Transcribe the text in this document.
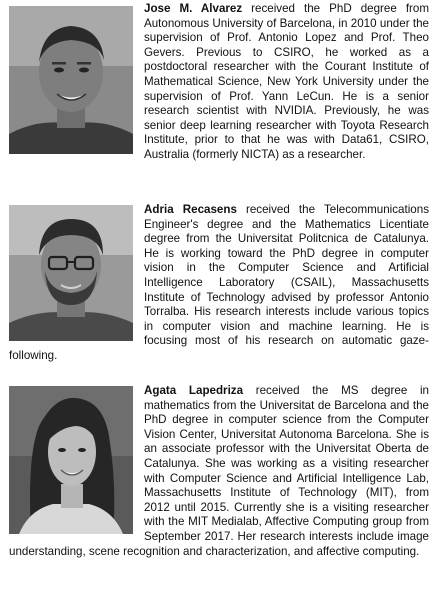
Jose M. Alvarez received the PhD degree from Autonomous University of Barcelona, in 2010 under the supervision of Prof. Antonio Lopez and Prof. Theo Gevers. Previous to CSIRO, he worked as a postdoctoral researcher with the Courant Institute of Mathematical Science, New York University under the supervision of Prof. Yann LeCun. He is a senior research scientist with NVIDIA. Previously, he was senior deep learning researcher with Toyota Research Institute, prior to that he was with Data61, CSIRO, Australia (formerly NICTA) as a researcher.

Adria Recasens received the Telecommunications Engineer's degree and the Mathematics Licentiate degree from the Universitat Politcnica de Catalunya. He is working toward the PhD degree in computer vision in the Computer Science and Artificial Intelligence Laboratory (CSAIL), Massachusetts Institute of Technology advised by professor Antonio Torralba. His research interests include various topics in computer vision and machine learning. He is focusing most of his research on automatic gaze-following.

Agata Lapedriza received the MS degree in mathematics from the Universitat de Barcelona and the PhD degree in computer science from the Computer Vision Center, Universitat Autonoma Barcelona. She is an associate professor with the Universitat Oberta de Catalunya. She was working as a visiting researcher with Computer Science and Artificial Intelligence Lab, Massachusetts Institute of Technology (MIT), from 2012 until 2015. Currently she is a visiting researcher with the MIT Medialab, Affective Computing group from September 2017. Her research interests include image understanding, scene recognition and characterization, and affective computing.
